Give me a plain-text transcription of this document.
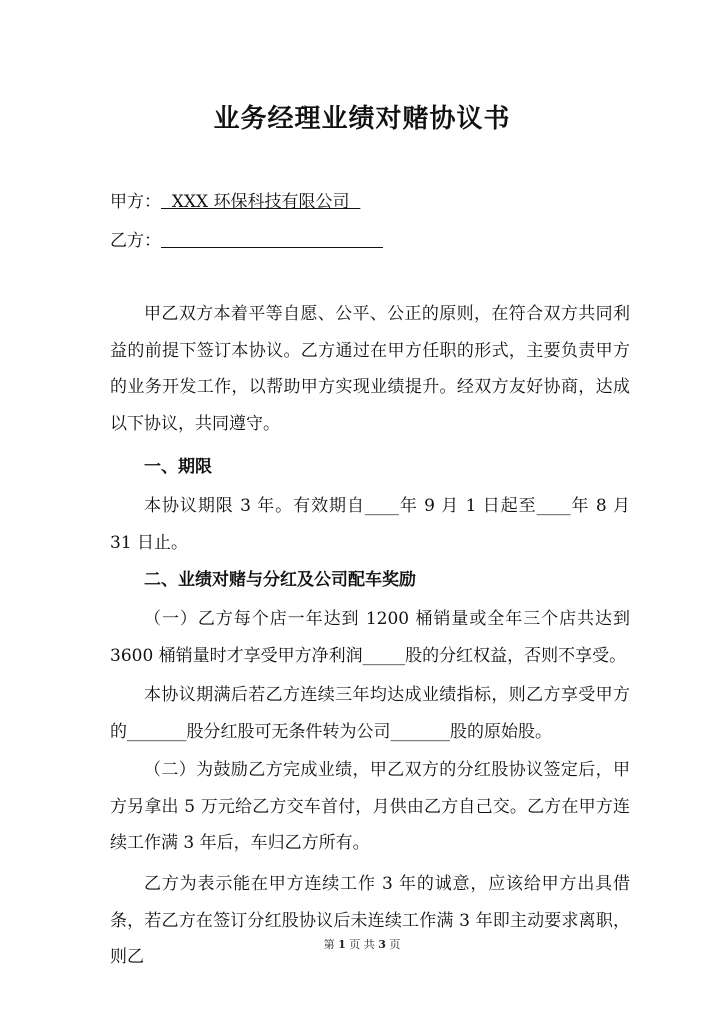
业务经理业绩对赌协议书
甲方：  XXX 环保科技有限公司
乙方：
甲乙双方本着平等自愿、公平、公正的原则，在符合双方共同利益的前提下签订本协议。乙方通过在甲方任职的形式，主要负责甲方的业务开发工作，以帮助甲方实现业绩提升。经双方友好协商，达成以下协议，共同遵守。
一、期限
本协议期限 3 年。有效期自____年 9 月 1 日起至____年 8 月 31 日止。
二、业绩对赌与分红及公司配车奖励
（一）乙方每个店一年达到 1200 桶销量或全年三个店共达到 3600 桶销量时才享受甲方净利润_____股的分红权益，否则不享受。
本协议期满后若乙方连续三年均达成业绩指标，则乙方享受甲方的_______股分红股可无条件转为公司_______股的原始股。
（二）为鼓励乙方完成业绩，甲乙双方的分红股协议签定后，甲方另拿出 5 万元给乙方交车首付，月供由乙方自己交。乙方在甲方连续工作满 3 年后，车归乙方所有。
乙方为表示能在甲方连续工作 3 年的诚意，应该给甲方出具借条，若乙方在签订分红股协议后未连续工作满 3 年即主动要求离职，则乙
第 1 页 共 3 页
